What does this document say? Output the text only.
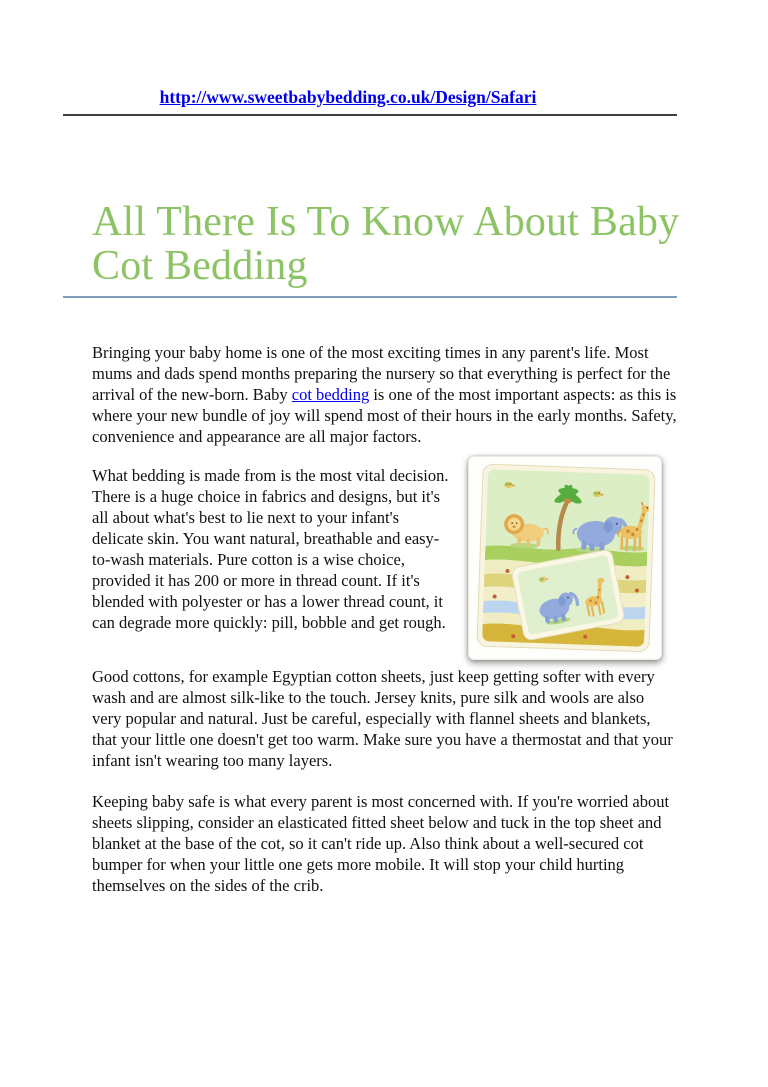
http://www.sweetbabybedding.co.uk/Design/Safari
All There Is To Know About Baby
Cot Bedding

Bringing your baby home is one of the most exciting times in any parent's life. Most mums and dads spend months preparing the nursery so that everything is perfect for the arrival of the new-born. Baby cot bedding is one of the most important aspects: as this is where your new bundle of joy will spend most of their hours in the early months. Safety, convenience and appearance are all major factors.

What bedding is made from is the most vital decision. There is a huge choice in fabrics and designs, but it's all about what's best to lie next to your infant's delicate skin. You want natural, breathable and easy-to-wash materials. Pure cotton is a wise choice, provided it has 200 or more in thread count. If it's blended with polyester or has a lower thread count, it can degrade more quickly: pill, bobble and get rough.

Good cottons, for example Egyptian cotton sheets, just keep getting softer with every wash and are almost silk-like to the touch. Jersey knits, pure silk and wools are also very popular and natural. Just be careful, especially with flannel sheets and blankets, that your little one doesn't get too warm. Make sure you have a thermostat and that your infant isn't wearing too many layers.

Keeping baby safe is what every parent is most concerned with. If you're worried about sheets slipping, consider an elasticated fitted sheet below and tuck in the top sheet and blanket at the base of the cot, so it can't ride up. Also think about a well-secured cot bumper for when your little one gets more mobile. It will stop your child hurting themselves on the sides of the crib.
